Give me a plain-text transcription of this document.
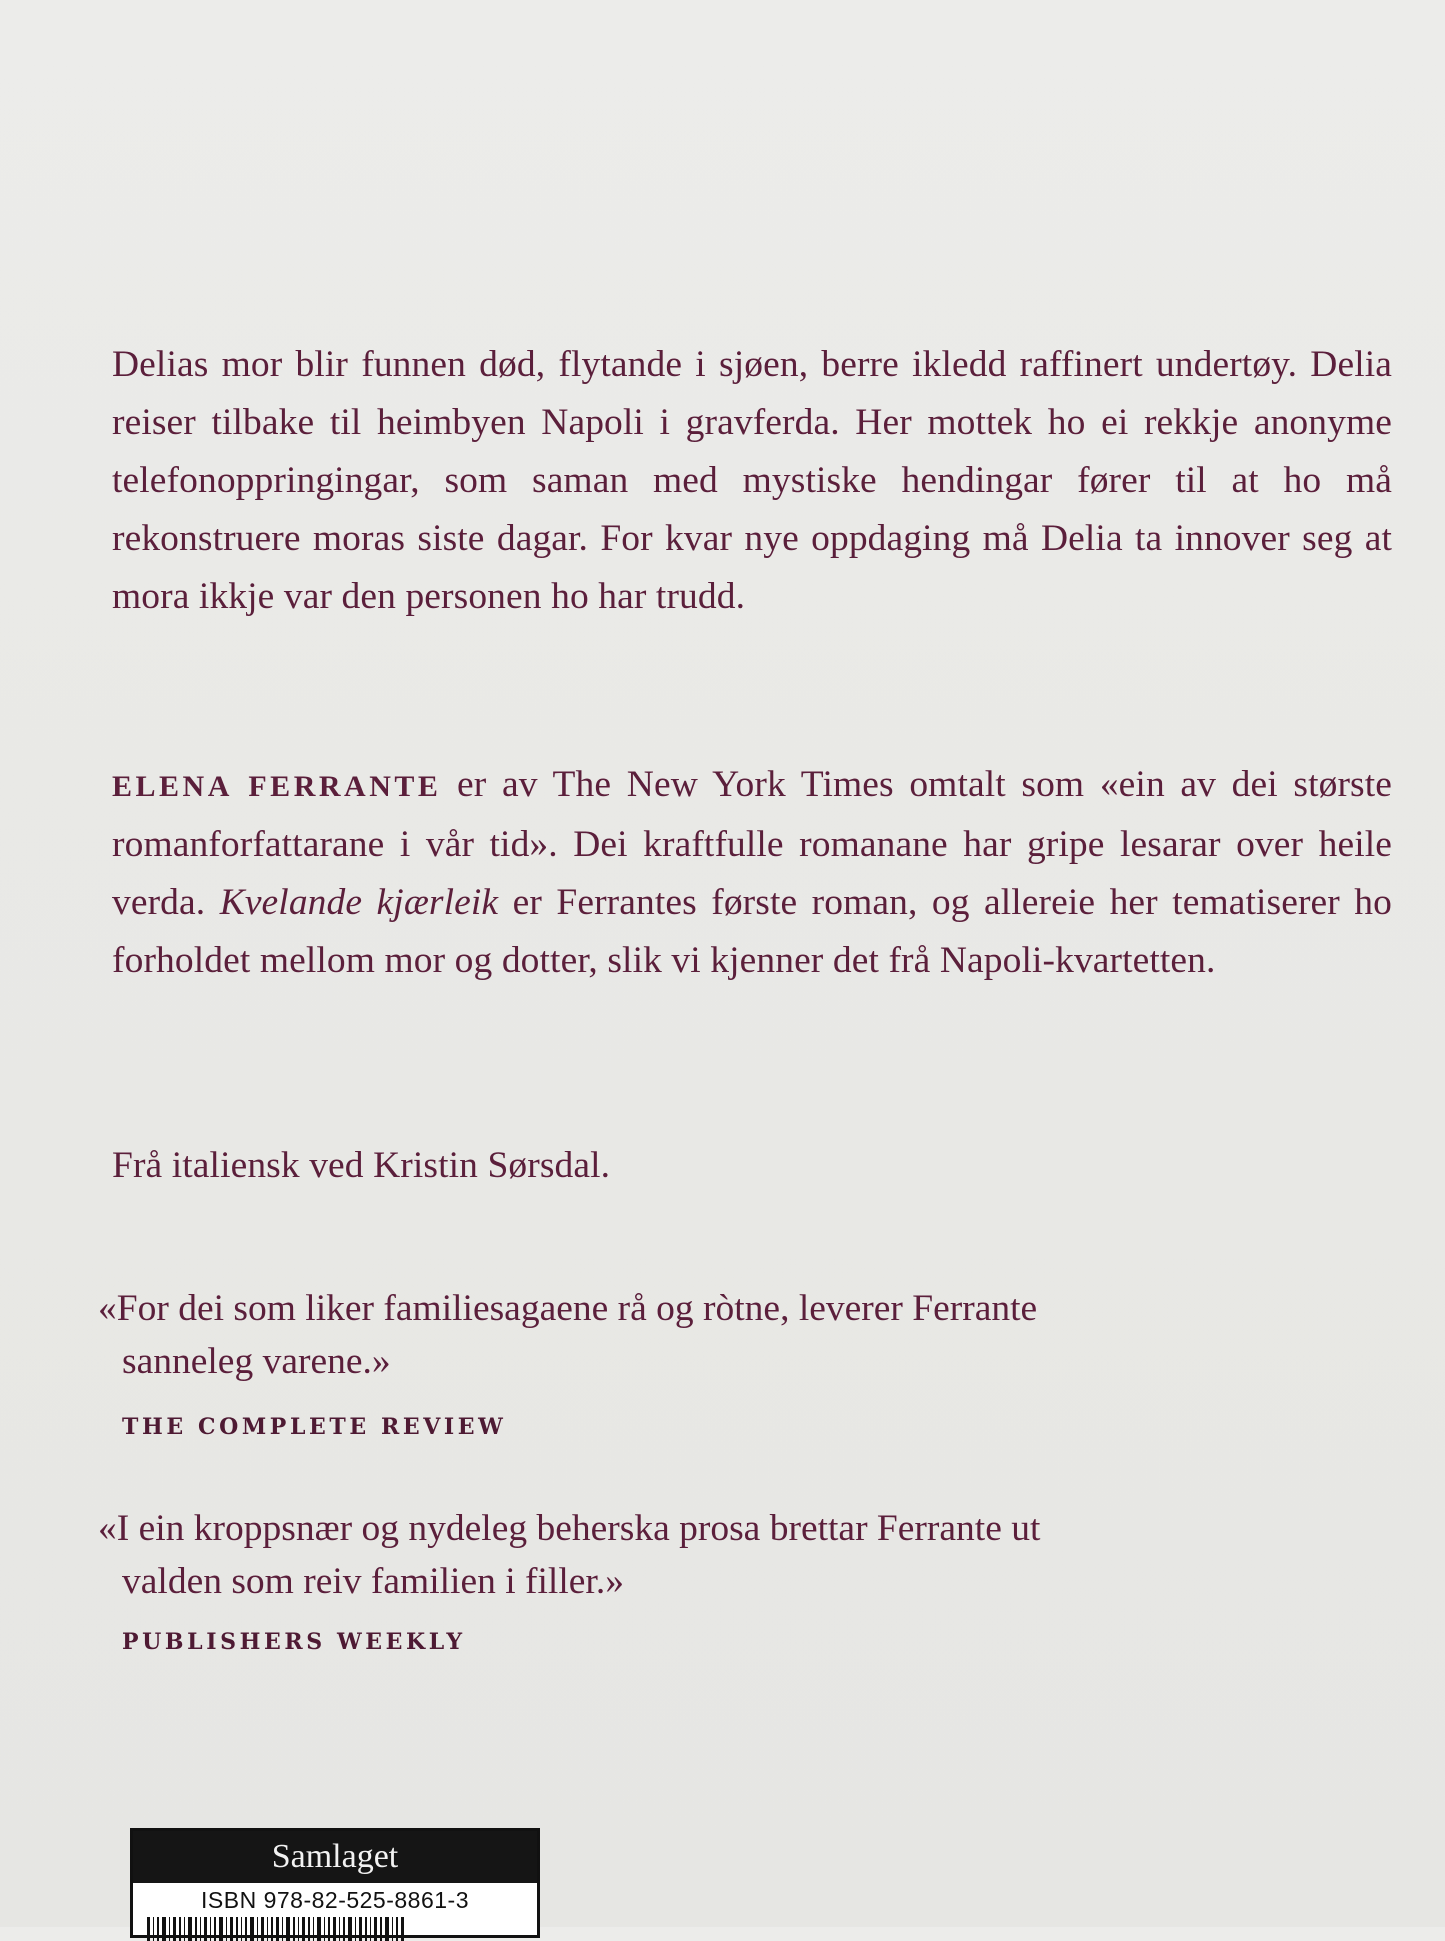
Delias mor blir funnen død, flytande i sjøen, berre ikledd raffinert undertøy. Delia reiser tilbake til heimbyen Napoli i gravferda. Her mottek ho ei rekkje anonyme telefonoppringingar, som saman med mystiske hendingar fører til at ho må rekonstruere moras siste dagar. For kvar nye oppdaging må Delia ta innover seg at mora ikkje var den personen ho har trudd.

ELENA FERRANTE er av The New York Times omtalt som «ein av dei største romanforfattarane i vår tid». Dei kraftfulle romanane har gripe lesarar over heile verda. Kvelande kjærleik er Ferrantes første roman, og allereie her tematiserer ho forholdet mellom mor og dotter, slik vi kjenner det frå Napoli-kvartetten.

Frå italiensk ved Kristin Sørsdal.

«For dei som liker familiesagaene rå og ròtne, leverer Ferrante
sanneleg varene.»

THE COMPLETE REVIEW

«I ein kroppsnær og nydeleg beherska prosa brettar Ferrante ut
valden som reiv familien i filler.»

PUBLISHERS WEEKLY
Samlaget
ISBN 978-82-525-8861-3
